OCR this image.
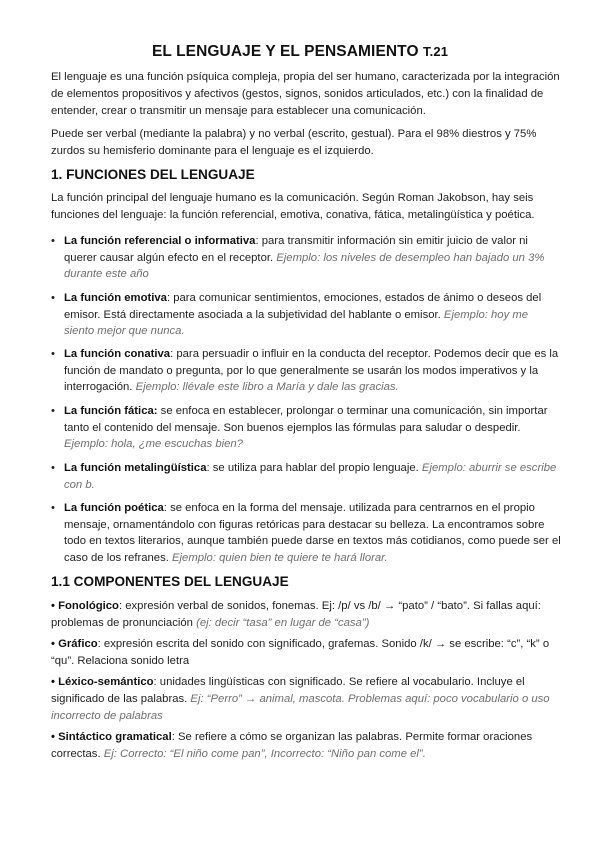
EL LENGUAJE Y EL PENSAMIENTO T.21

El lenguaje es una función psíquica compleja, propia del ser humano, caracterizada por la integración de elementos propositivos y afectivos (gestos, signos, sonidos articulados, etc.) con la finalidad de entender, crear o transmitir un mensaje para establecer una comunicación.

Puede ser verbal (mediante la palabra) y no verbal (escrito, gestual). Para el 98% diestros y 75% zurdos su hemisferio dominante para el lenguaje es el izquierdo.

1. FUNCIONES DEL LENGUAJE

La función principal del lenguaje humano es la comunicación. Según Roman Jakobson, hay seis funciones del lenguaje: la función referencial, emotiva, conativa, fática, metalingüística y poética.

• La función referencial o informativa: para transmitir información sin emitir juicio de valor ni querer causar algún efecto en el receptor. Ejemplo: los niveles de desempleo han bajado un 3% durante este año
• La función emotiva: para comunicar sentimientos, emociones, estados de ánimo o deseos del emisor. Está directamente asociada a la subjetividad del hablante o emisor. Ejemplo: hoy me siento mejor que nunca.
• La función conativa: para persuadir o influir en la conducta del receptor. Podemos decir que es la función de mandato o pregunta, por lo que generalmente se usarán los modos imperativos y la interrogación. Ejemplo: llévale este libro a María y dale las gracias.
• La función fática: se enfoca en establecer, prolongar o terminar una comunicación, sin importar tanto el contenido del mensaje. Son buenos ejemplos las fórmulas para saludar o despedir. Ejemplo: hola, ¿me escuchas bien?
• La función metalingüística: se utiliza para hablar del propio lenguaje. Ejemplo: aburrir se escribe con b.
• La función poética: se enfoca en la forma del mensaje. utilizada para centrarnos en el propio mensaje, ornamentándolo con figuras retóricas para destacar su belleza. La encontramos sobre todo en textos literarios, aunque también puede darse en textos más cotidianos, como puede ser el caso de los refranes. Ejemplo: quien bien te quiere te hará llorar.
1.1 COMPONENTES DEL LENGUAJE

• Fonológico: expresión verbal de sonidos, fonemas. Ej: /p/ vs /b/ → “pato” / “bato”. Si fallas aquí: problemas de pronunciación (ej: decir “tasa” en lugar de “casa”)

• Gráfico: expresión escrita del sonido con significado, grafemas. Sonido /k/ → se escribe: “c”, “k” o “qu”. Relaciona sonido letra

• Léxico-semántico: unidades lingüísticas con significado. Se refiere al vocabulario. Incluye el significado de las palabras. Ej: “Perro” → animal, mascota. Problemas aquí: poco vocabulario o uso incorrecto de palabras

• Sintáctico gramatical: Se refiere a cómo se organizan las palabras. Permite formar oraciones correctas. Ej: Correcto: “El niño come pan”, Incorrecto: “Niño pan come el”.
